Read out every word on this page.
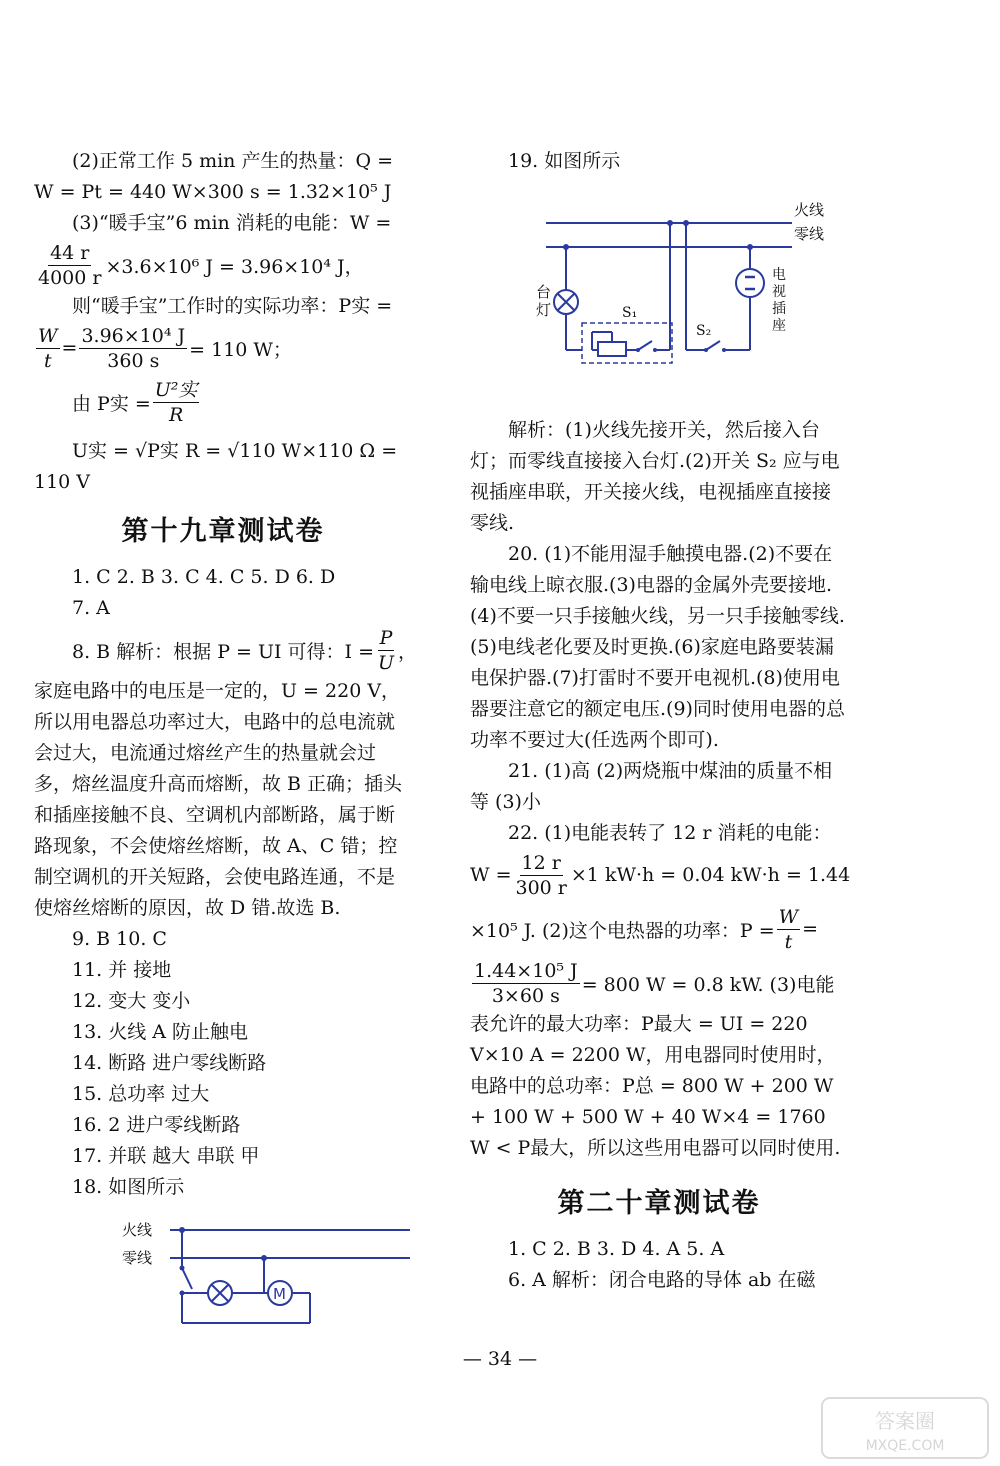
(2)正常工作 5 min 产生的热量：Q =
W = Pt = 440 W×300 s = 1.32×10⁵ J
(3)“暖手宝”6 min 消耗的电能：W =
$\frac{44 r}{4000 r} \times 3.6\times 10^6$ J = 3.96×10⁴ J，
则“暖手宝”工作时的实际功率：P实 =
$\frac{W}{t} = \frac{\text{3.96×10⁴ J}}{360 s} = 110$ W；
由 P实 = $\frac{\text{U²实}}{R}$
U实 = √P实 R = √110 W×110 Ω =
110 V
第十九章测试卷
1. C 2. B 3. C 4. C 5. D 6. D
7. A
8. B 解析：根据 P = UI 可得：$I = \frac{P}{U}$ ，
家庭电路中的电压是一定的，U = 220 V，所以用电器总功率过大，电路中的总电流就会过大，电流通过熔丝产生的热量就会过多，熔丝温度升高而熔断，故 B 正确；插头和插座接触不良、空调机内部断路，属于断路现象，不会使熔丝熔断，故 A、C 错；控制空调机的开关短路，会使电路连通，不是使熔丝熔断的原因，故 D 错.故选 B.
9. B 10. C
11. 并 接地
12. 变大 变小
13. 火线 A 防止触电
14. 断路 进户零线断路
15. 总功率 过大
16. 2 进户零线断路
17. 并联 越大 串联 甲
18. 如图所示
火线
零线
M
19. 如图所示
火线
零线
台
灯	S₁
S₂
电
视
插
座
解析：(1)火线先接开关，然后接入台灯；而零线直接接入台灯.(2)开关 S₂ 应与电视插座串联，开关接火线，电视插座直接接零线.
20. (1)不能用湿手触摸电器.(2)不要在输电线上晾衣服.(3)电器的金属外壳要接地.(4)不要一只手接触火线，另一只手接触零线.(5)电线老化要及时更换.(6)家庭电路要装漏电保护器.(7)打雷时不要开电视机.(8)使用电器要注意它的额定电压.(9)同时使用电器的总功率不要过大(任选两个即可).
21. (1)高 (2)两烧瓶中煤油的质量不相等 (3)小
22. (1)电能表转了 12 r 消耗的电能：
$W = \frac{12 r}{300 r} \times 1$ kW·h = 0.04 kW·h = 1.44
×10⁵ J. (2)这个电热器的功率：$P = \frac{W}{t}$ =
$\frac{\text{1.44×10⁵ J}}{3\times 60 s} = 800$ W = 0.8 kW. (3)电能
表允许的最大功率：P最大 = UI = 220 V×10 A = 2200 W，用电器同时使用时，电路中的总功率：P总 = 800 W + 200 W + 100 W + 500 W + 40 W×4 = 1760 W < P最大，所以这些用电器可以同时使用.
第二十章测试卷
1. C 2. B 3. D 4. A 5. A
6. A 解析：闭合电路的导体 ab 在磁
— 34 —
答案圈
MXQE.COM
